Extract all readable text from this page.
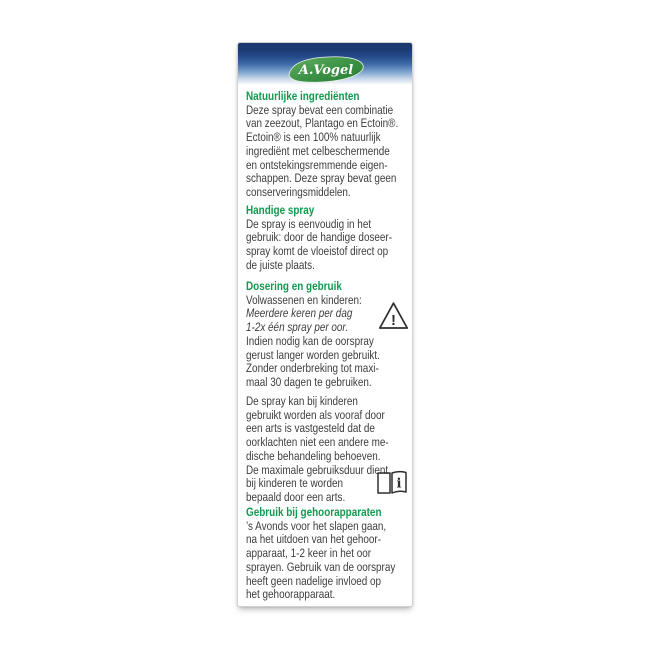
A.Vogel
Natuurlijke ingrediënten
Deze spray bevat een combinatie
van zeezout, Plantago en Ectoin®.
Ectoin® is een 100% natuurlijk
ingrediënt met celbeschermende
en ontstekingsremmende eigen-
schappen. Deze spray bevat geen
conserveringsmiddelen.
Handige spray
De spray is eenvoudig in het
gebruik: door de handige doseer-
spray komt de vloeistof direct op
de juiste plaats.
Dosering en gebruik
Volwassenen en kinderen:
Meerdere keren per dag
1-2x één spray per oor.
Indien nodig kan de oorspray
gerust langer worden gebruikt.
Zonder onderbreking tot maxi-
maal 30 dagen te gebruiken.
De spray kan bij kinderen
gebruikt worden als vooraf door
een arts is vastgesteld dat de
oorklachten niet een andere me-
dische behandeling behoeven.
De maximale gebruiksduur dient
bij kinderen te worden
bepaald door een arts.
Gebruik bij gehoorapparaten
’s Avonds voor het slapen gaan,
na het uitdoen van het gehoor-
apparaat, 1-2 keer in het oor
sprayen. Gebruik van de oorspray
heeft geen nadelige invloed op
het gehoorapparaat.
!
i
